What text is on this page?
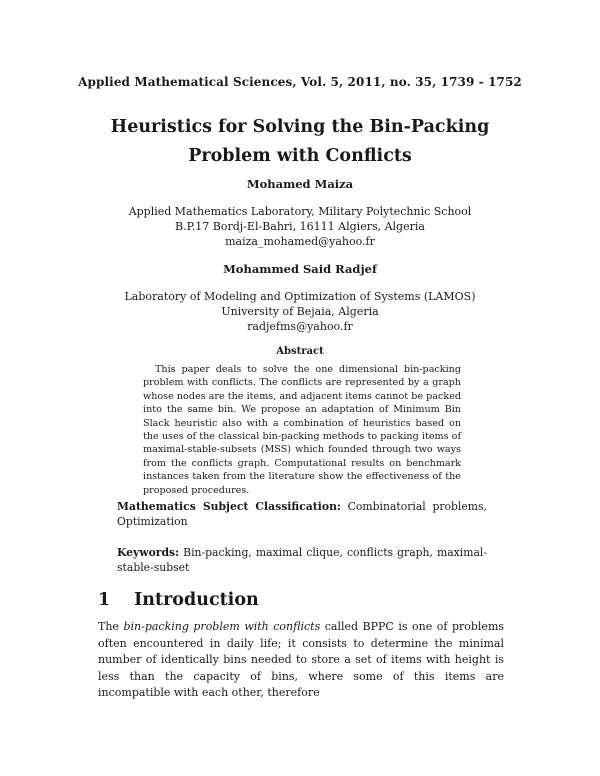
Applied Mathematical Sciences, Vol. 5, 2011, no. 35, 1739 - 1752
Heuristics for Solving the Bin-Packing
Problem with Conflicts
Mohamed Maiza
Applied Mathematics Laboratory, Military Polytechnic School
B.P.17 Bordj-El-Bahri, 16111 Algiers, Algeria
maiza_mohamed@yahoo.fr
Mohammed Said Radjef
Laboratory of Modeling and Optimization of Systems (LAMOS)
University of Bejaia, Algeria
radjefms@yahoo.fr
Abstract
This paper deals to solve the one dimensional bin-packing problem with conflicts. The conflicts are represented by a graph whose nodes are the items, and adjacent items cannot be packed into the same bin. We propose an adaptation of Minimum Bin Slack heuristic also with a combination of heuristics based on the uses of the classical bin-packing methods to packing items of maximal-stable-subsets (MSS) which founded through two ways from the conflicts graph. Computational results on benchmark instances taken from the literature show the effectiveness of the proposed procedures.
Mathematics Subject Classification: Combinatorial problems, Optimization
Keywords: Bin-packing, maximal clique, conflicts graph, maximal-stable-subset
1 Introduction
The bin-packing problem with conflicts called BPPC is one of problems often encountered in daily life; it consists to determine the minimal number of identically bins needed to store a set of items with height is less than the capacity of bins, where some of this items are incompatible with each other, therefore
